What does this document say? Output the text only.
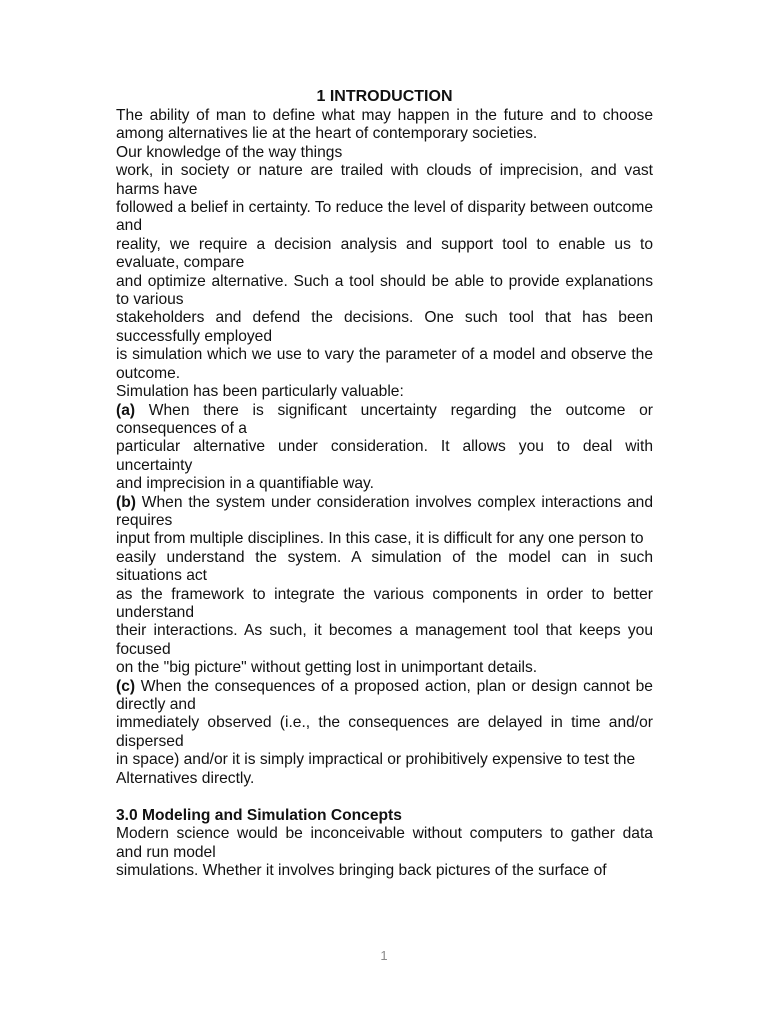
1 INTRODUCTION
The ability of man to define what may happen in the future and to choose among alternatives lie at the heart of contemporary societies.
Our knowledge of the way things
work, in society or nature are trailed with clouds of imprecision, and vast harms have
followed a belief in certainty. To reduce the level of disparity between outcome and
reality, we require a decision analysis and support tool to enable us to evaluate, compare
and optimize alternative. Such a tool should be able to provide explanations to various
stakeholders and defend the decisions. One such tool that has been successfully employed
is simulation which we use to vary the parameter of a model and observe the outcome.
Simulation has been particularly valuable:
(a) When there is significant uncertainty regarding the outcome or consequences of a
particular alternative under consideration. It allows you to deal with uncertainty
and imprecision in a quantifiable way.
(b) When the system under consideration involves complex interactions and requires
input from multiple disciplines. In this case, it is difficult for any one person to
easily understand the system. A simulation of the model can in such situations act
as the framework to integrate the various components in order to better understand
their interactions. As such, it becomes a management tool that keeps you focused
on the "big picture" without getting lost in unimportant details.
(c) When the consequences of a proposed action, plan or design cannot be directly and
immediately observed (i.e., the consequences are delayed in time and/or dispersed
in space) and/or it is simply impractical or prohibitively expensive to test the
Alternatives directly.
3.0 Modeling and Simulation Concepts
Modern science would be inconceivable without computers to gather data and run model
simulations. Whether it involves bringing back pictures of the surface of
1
